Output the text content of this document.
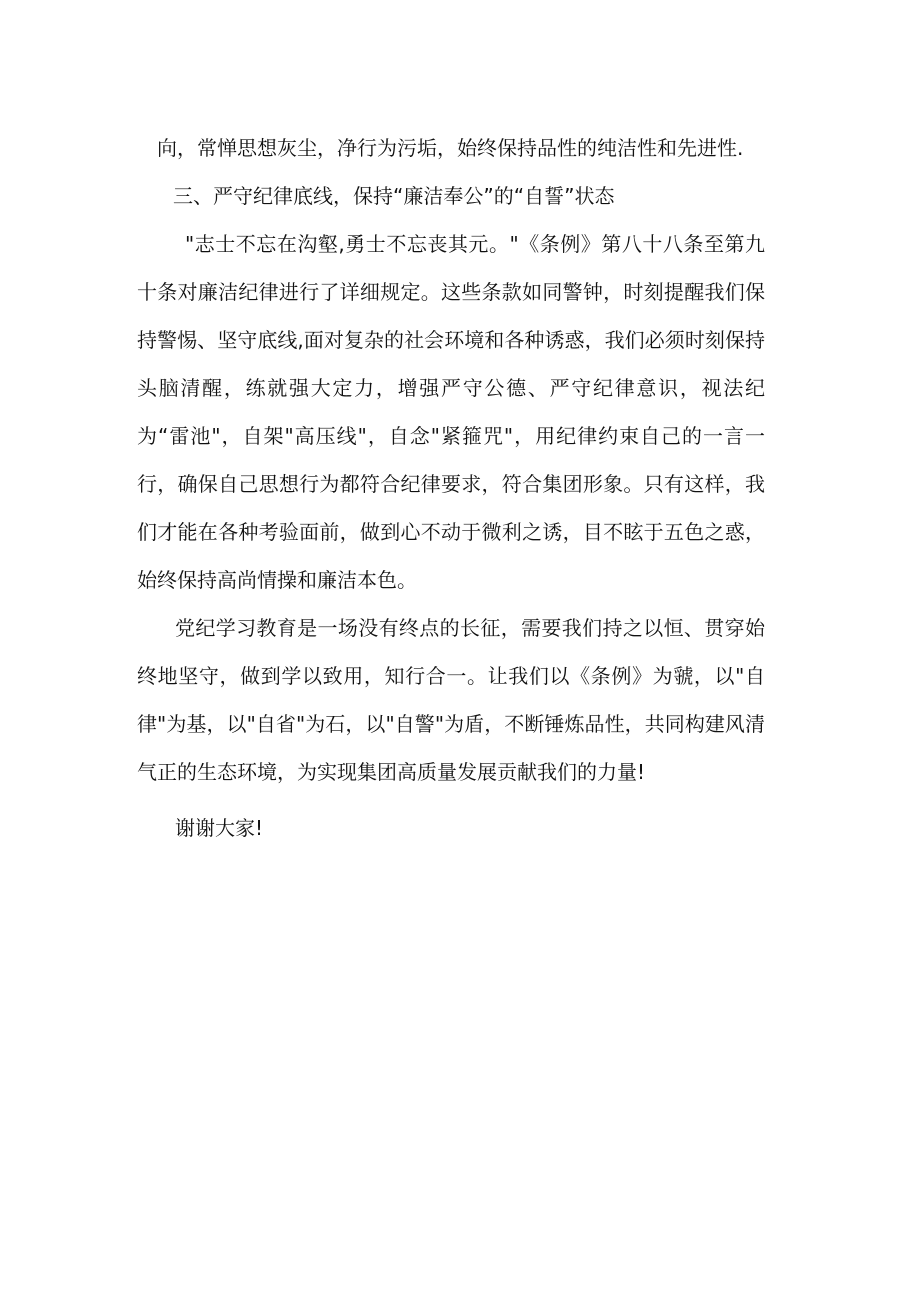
向，常惮思想灰尘，净行为污垢，始终保持品性的纯洁性和先进性.

三、严守纪律底线，保持“廉洁奉公”的“自誓”状态

"志士不忘在沟壑,勇士不忘丧其元。"《条例》第八十八条至第九十条对廉洁纪律进行了详细规定。这些条款如同警钟，时刻提醒我们保持警惕、坚守底线,面对复杂的社会环境和各种诱惑，我们必须时刻保持头脑清醒，练就强大定力，增强严守公德、严守纪律意识，视法纪为“雷池"，自架"高压线"，自念"紧箍咒"，用纪律约束自己的一言一行，确保自己思想行为都符合纪律要求，符合集团形象。只有这样，我们才能在各种考验面前，做到心不动于微利之诱，目不眩于五色之惑，始终保持高尚情操和廉洁本色。

党纪学习教育是一场没有终点的长征，需要我们持之以恒、贯穿始终地坚守，做到学以致用，知行合一。让我们以《条例》为虢，以"自律"为基，以"自省"为石，以"自警"为盾，不断锤炼品性，共同构建风清气正的生态环境，为实现集团高质量发展贡献我们的力量!

谢谢大家!
